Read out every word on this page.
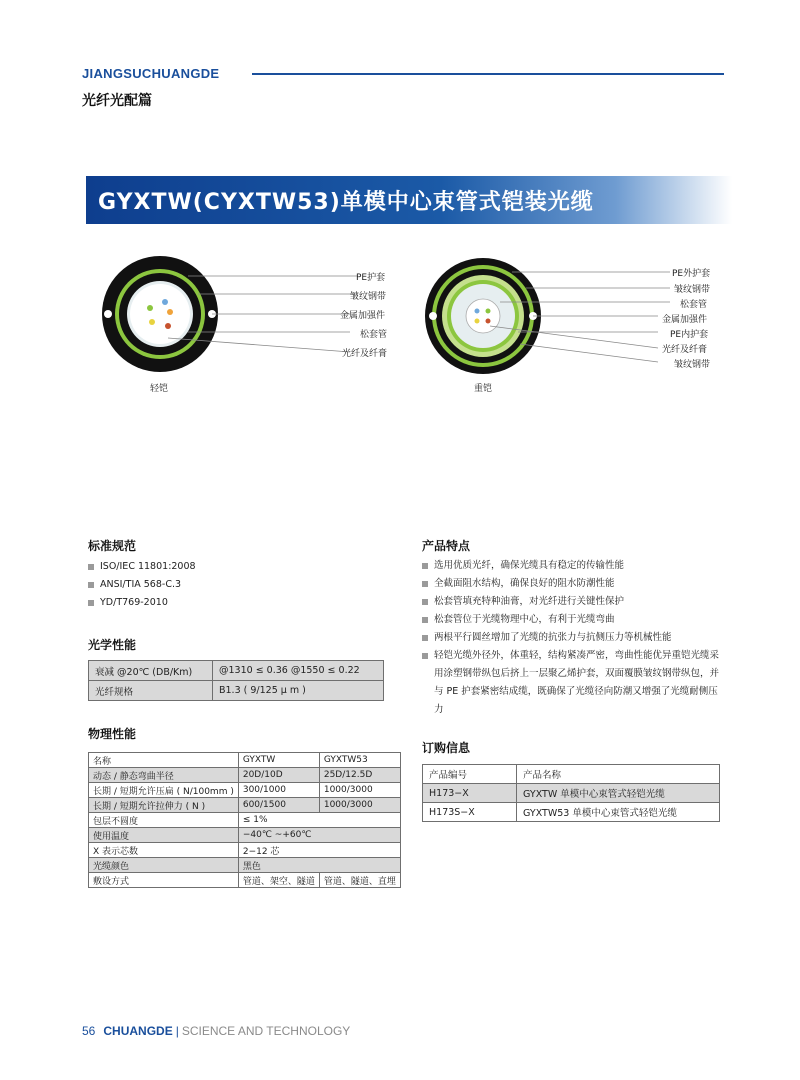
JIANGSUCHUANGDE
光纤光配篇
GYXTW(CYXTW53)单模中心束管式铠装光缆
PE护套
皱纹钢带
金属加强件
松套管
光纤及纤膏
轻铠
PE外护套
皱纹钢带
松套管
金属加强件
PE内护套
光纤及纤膏
皱纹钢带
重铠
标准规范
ISO/IEC 11801:2008
ANSI/TIA 568-C.3
YD/T769-2010
光学性能
衰减 @20℃ (DB/Km)	@1310 ≤ 0.36 @1550 ≤ 0.22
光纤规格	B1.3 ( 9/125 μ m )
物理性能
名称	GYXTW	GYXTW53
动态 / 静态弯曲半径	20D/10D	25D/12.5D
长期 / 短期允许压扁 ( N/100mm )	300/1000	1000/3000
长期 / 短期允许拉伸力 ( N )	600/1500	1000/3000
包层不圆度	≤ 1%	
使用温度	−40℃ ~+60℃	
X 表示芯数	2−12 芯	
光缆颜色	黑色	
敷设方式	管道、架空、隧道	管道、隧道、直埋
产品特点
选用优质光纤，确保光缆具有稳定的传输性能
全截面阻水结构，确保良好的阻水防潮性能
松套管填充特种油膏，对光纤进行关键性保护
松套管位于光缆物理中心，有利于光缆弯曲
两根平行圆丝增加了光缆的抗张力与抗侧压力等机械性能
轻铠光缆外径外，体重轻，结构紧凑严密，弯曲性能优异重铠光缆采用涂塑钢带纵包后挤上一层聚乙烯护套，双面覆膜皱纹钢带纵包，并与 PE 护套紧密结成缆，既确保了光缆径向防潮又增强了光缆耐侧压力
订购信息
产品编号	产品名称
H173−X	GYXTW 单模中心束管式轻铠光缆
H173S−X	GYXTW53 单模中心束管式轻铠光缆
56 CHUANGDE | SCIENCE AND TECHNOLOGY
